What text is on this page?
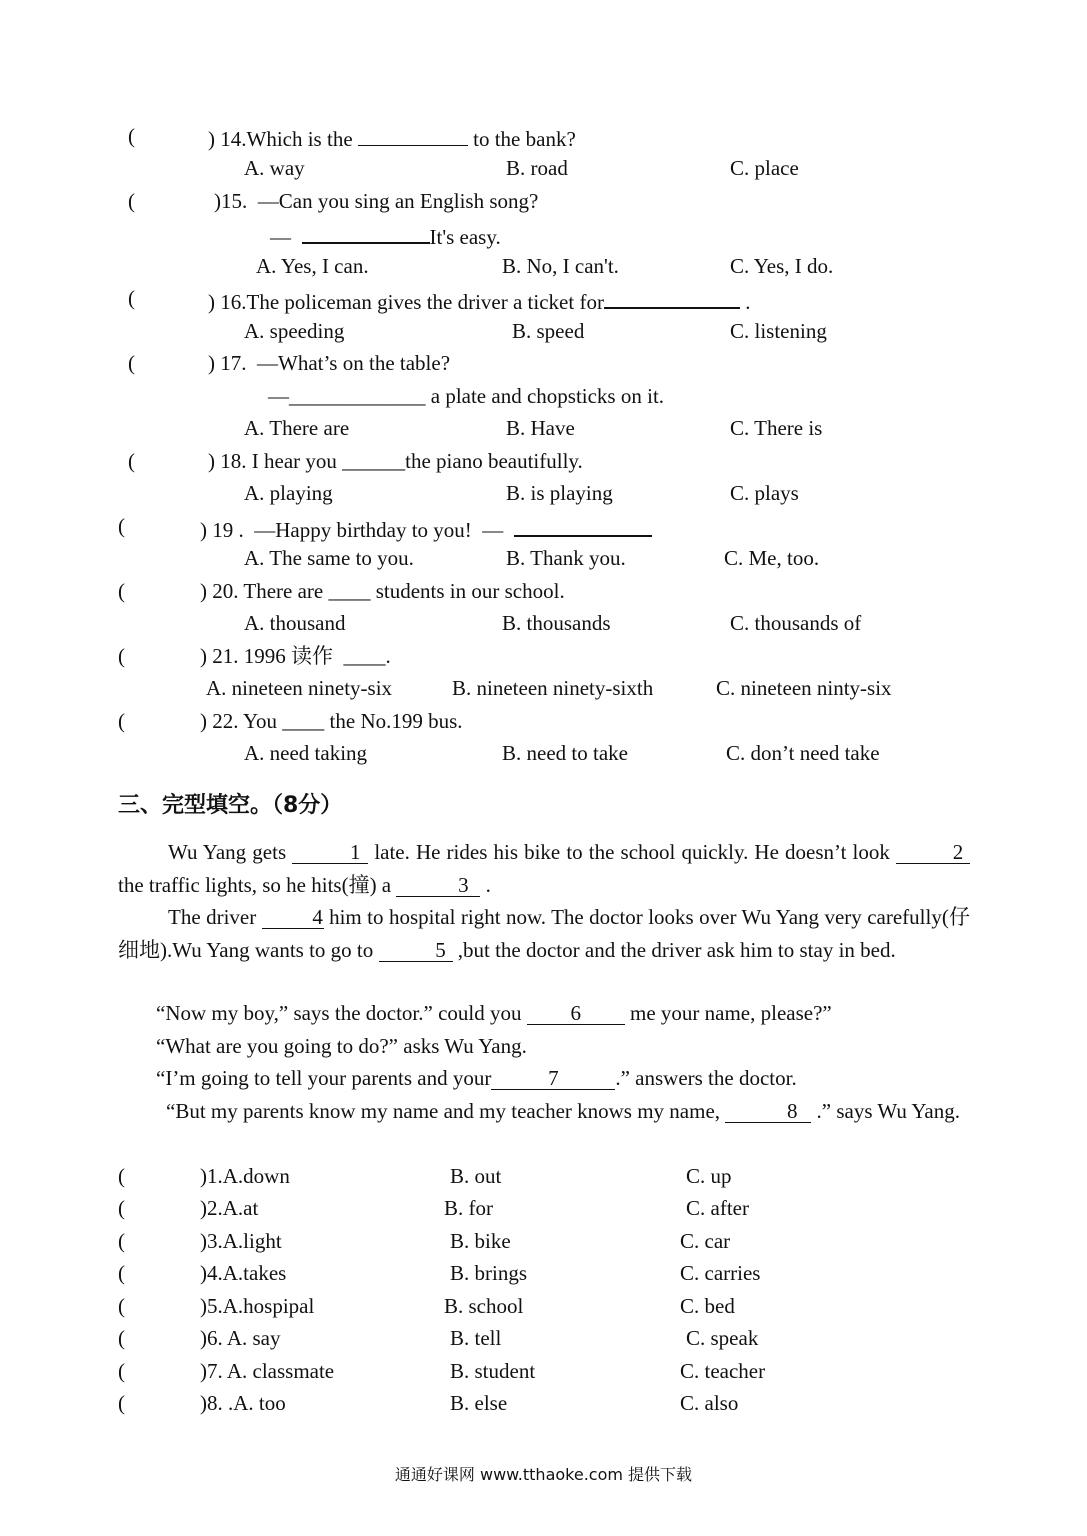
(	) 14.Which is the	to the bank?
A. way	B. road	C. place
(	)15.  —Can you sing an English song?
—	It's easy.
A. Yes, I can.	B. No, I can't.	C. Yes, I do.
(	) 16.The policeman gives the driver a ticket for	.
A. speeding	B. speed	C. listening
(	) 17.  —What’s on the table?
—_____________ a plate and chopsticks on it.
A. There are	B. Have	C. There is
(	) 18. I hear you ______the piano beautifully.
A. playing	B. is playing	C. plays
(	) 19 .  —Happy birthday to you!  —
A. The same to you.	B. Thank you.	C. Me, too.
(	) 20. There are ____ students in our school.
A. thousand	B. thousands	C. thousands of
(	) 21. 1996 读作  ____.
A. nineteen ninety-six	B. nineteen ninety-sixth	C. nineteen ninty-six
(	) 22. You ____ the No.199 bus.
A. need taking	B. need to take	C. don’t need take
三、完型填空。（8分）
Wu Yang gets	1 late. He rides his bike to the school quickly. He doesn’t look	2 the traffic lights, so he hits(撞) a	3 .
The driver 4 him to hospital right now. The doctor looks over Wu Yang very carefully(仔细地).Wu Yang wants to go to	5 ,but the doctor and the driver ask him to stay in bed.
“Now my boy,” says the doctor.” could you 6 me your name, please?”
“What are you going to do?” asks Wu Yang.
“I’m going to tell your parents and your	7	.” answers the doctor.
“But my parents know my name and my teacher knows my name,	8 .” says Wu Yang.
(	)1.A.down	B. out	C. up
(	)2.A.at	B. for	C. after
(	)3.A.light	B. bike	C. car
(	)4.A.takes	B. brings	C. carries
(	)5.A.hospipal	B. school	C. bed
(	)6. A. say	B. tell	C. speak
(	)7. A. classmate	B. student	C. teacher
(	)8. .A. too	B. else	C. also
通通好课网 www.tthaoke.com 提供下载
